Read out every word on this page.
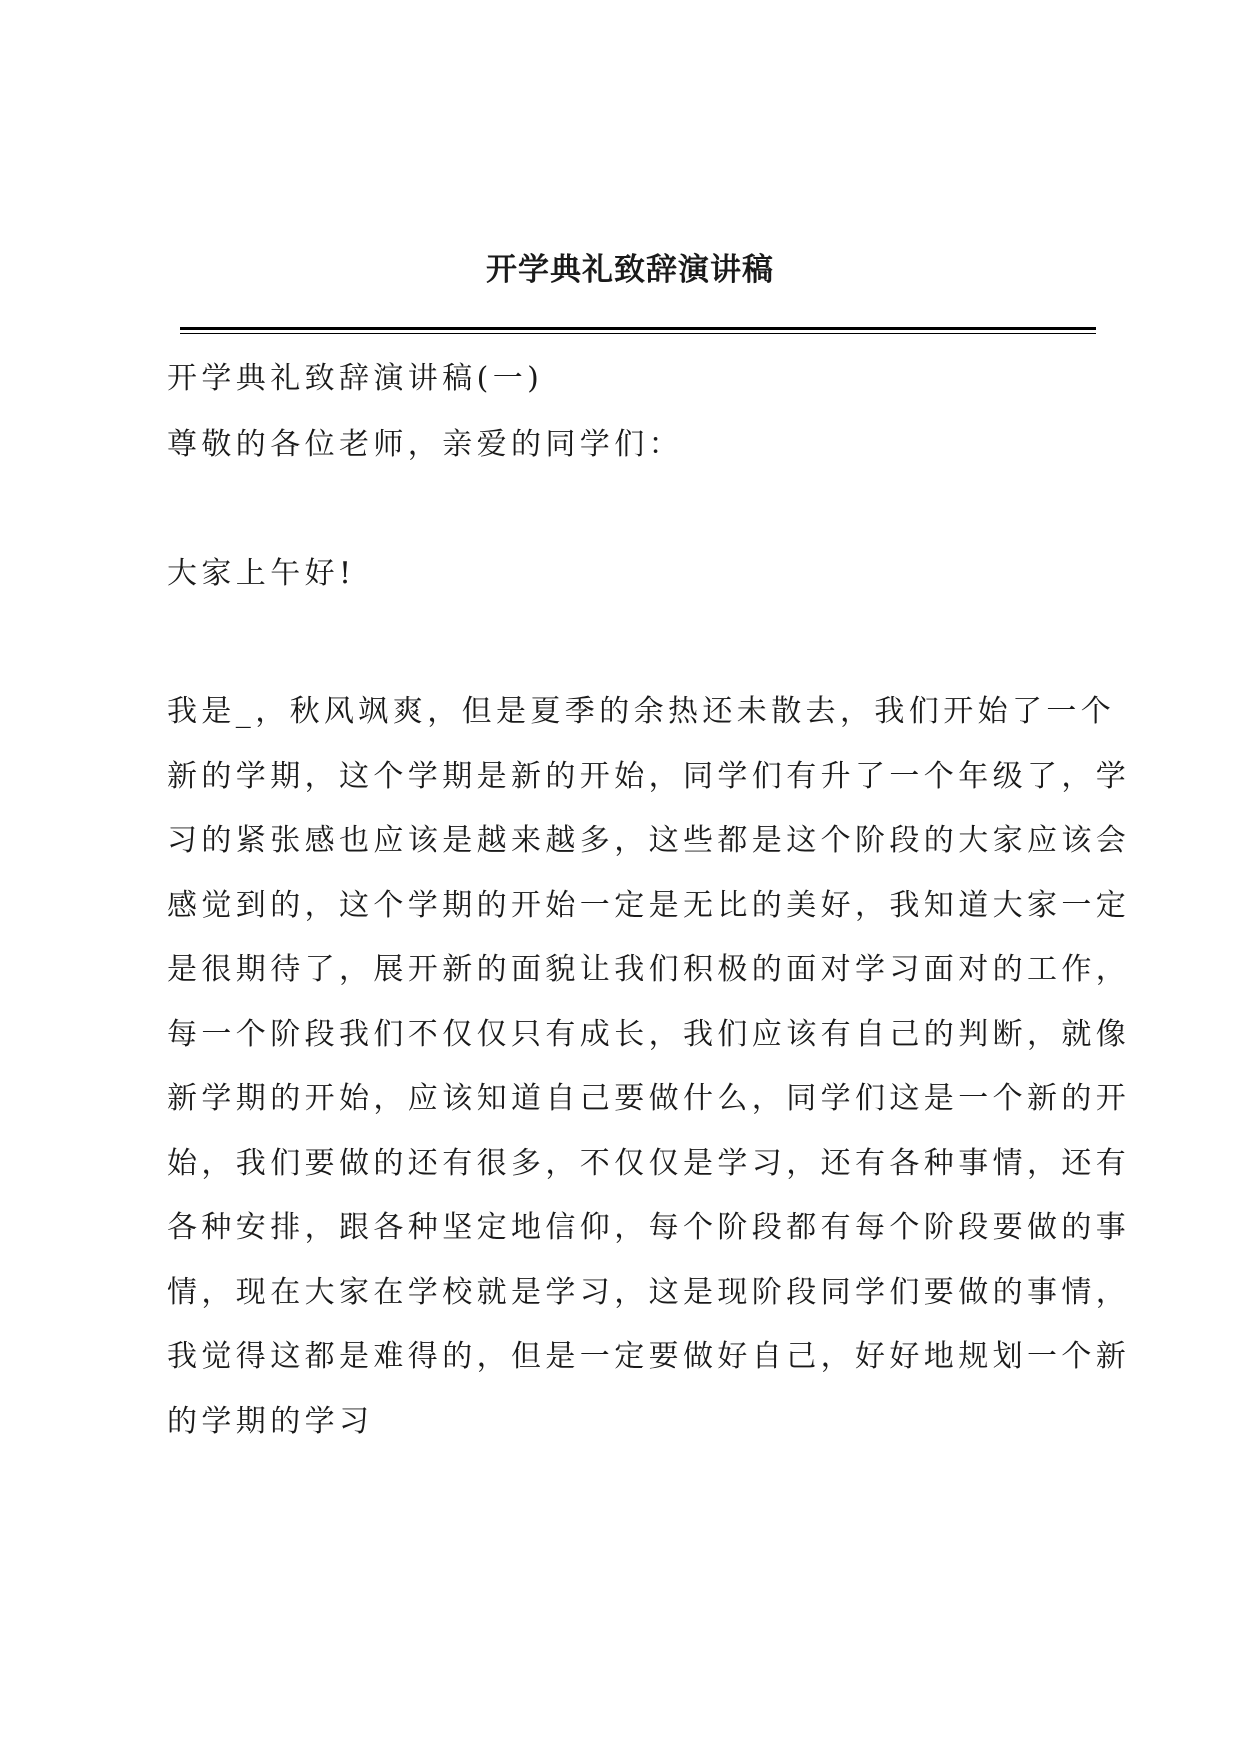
开学典礼致辞演讲稿

开学典礼致辞演讲稿(一)

尊敬的各位老师，亲爱的同学们：

大家上午好!

我是_，秋风飒爽，但是夏季的余热还未散去，我们开始了一个
新的学期，这个学期是新的开始，同学们有升了一个年级了，学
习的紧张感也应该是越来越多，这些都是这个阶段的大家应该会
感觉到的，这个学期的开始一定是无比的美好，我知道大家一定
是很期待了，展开新的面貌让我们积极的面对学习面对的工作，
每一个阶段我们不仅仅只有成长，我们应该有自己的判断，就像
新学期的开始，应该知道自己要做什么，同学们这是一个新的开
始，我们要做的还有很多，不仅仅是学习，还有各种事情，还有
各种安排，跟各种坚定地信仰，每个阶段都有每个阶段要做的事
情，现在大家在学校就是学习，这是现阶段同学们要做的事情，
我觉得这都是难得的，但是一定要做好自己，好好地规划一个新
的学期的学习
